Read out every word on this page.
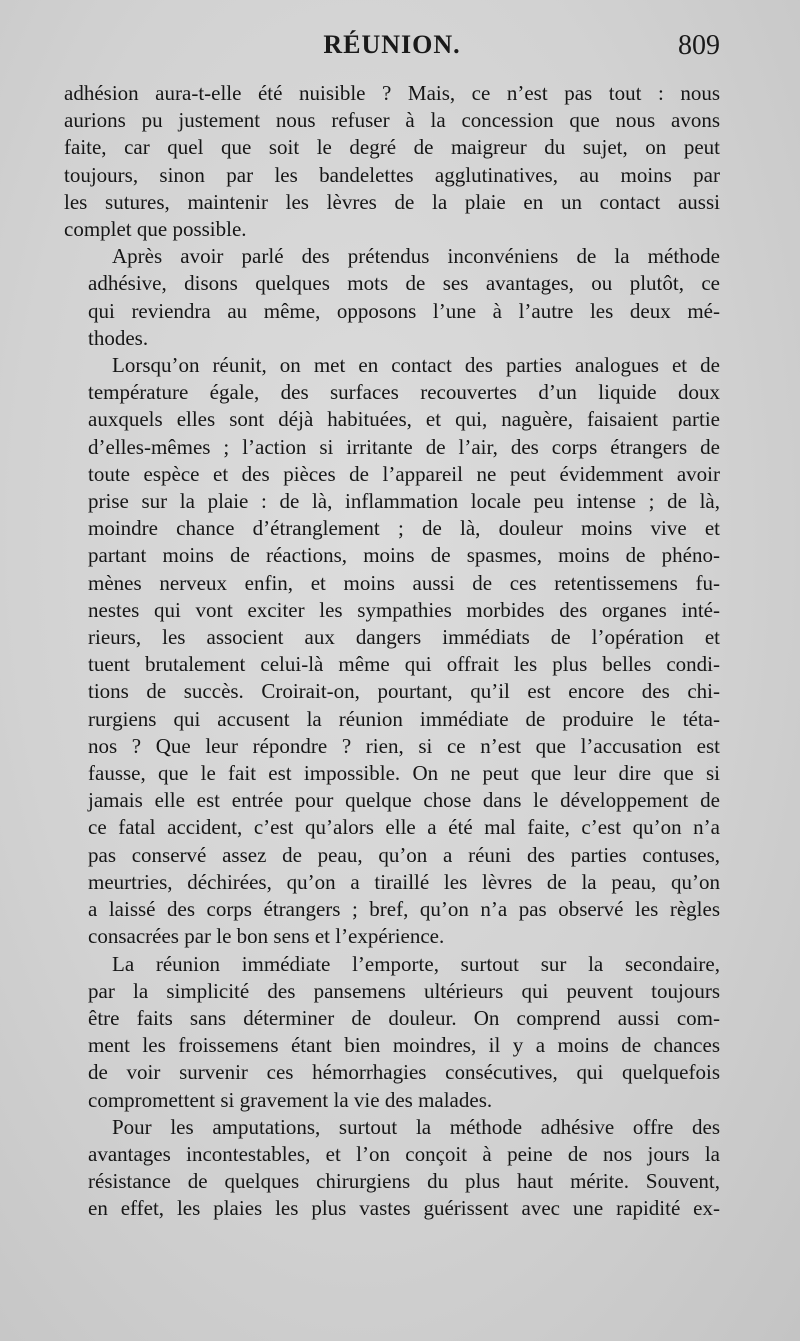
RÉUNION.	809

adhésion aura-t-elle été nuisible ? Mais, ce n’est pas tout : nous
aurions pu justement nous refuser à la concession que nous avons
faite, car quel que soit le degré de maigreur du sujet, on peut
toujours, sinon par les bandelettes agglutinatives, au moins par
les sutures, maintenir les lèvres de la plaie en un contact aussi
complet que possible.

Après avoir parlé des prétendus inconvéniens de la méthode
adhésive, disons quelques mots de ses avantages, ou plutôt, ce
qui reviendra au même, opposons l’une à l’autre les deux mé-
thodes.

Lorsqu’on réunit, on met en contact des parties analogues et de
température égale, des surfaces recouvertes d’un liquide doux
auxquels elles sont déjà habituées, et qui, naguère, faisaient partie
d’elles-mêmes ; l’action si irritante de l’air, des corps étrangers de
toute espèce et des pièces de l’appareil ne peut évidemment avoir
prise sur la plaie : de là, inflammation locale peu intense ; de là,
moindre chance d’étranglement ; de là, douleur moins vive et
partant moins de réactions, moins de spasmes, moins de phéno-
mènes nerveux enfin, et moins aussi de ces retentissemens fu-
nestes qui vont exciter les sympathies morbides des organes inté-
rieurs, les associent aux dangers immédiats de l’opération et
tuent brutalement celui-là même qui offrait les plus belles condi-
tions de succès. Croirait-on, pourtant, qu’il est encore des chi-
rurgiens qui accusent la réunion immédiate de produire le téta-
nos ? Que leur répondre ? rien, si ce n’est que l’accusation est
fausse, que le fait est impossible. On ne peut que leur dire que si
jamais elle est entrée pour quelque chose dans le développement de
ce fatal accident, c’est qu’alors elle a été mal faite, c’est qu’on n’a
pas conservé assez de peau, qu’on a réuni des parties contuses,
meurtries, déchirées, qu’on a tiraillé les lèvres de la peau, qu’on
a laissé des corps étrangers ; bref, qu’on n’a pas observé les règles
consacrées par le bon sens et l’expérience.

La réunion immédiate l’emporte, surtout sur la secondaire,
par la simplicité des pansemens ultérieurs qui peuvent toujours
être faits sans déterminer de douleur. On comprend aussi com-
ment les froissemens étant bien moindres, il y a moins de chances
de voir survenir ces hémorrhagies consécutives, qui quelquefois
compromettent si gravement la vie des malades.

Pour les amputations, surtout la méthode adhésive offre des
avantages incontestables, et l’on conçoit à peine de nos jours la
résistance de quelques chirurgiens du plus haut mérite. Souvent,
en effet, les plaies les plus vastes guérissent avec une rapidité ex-
